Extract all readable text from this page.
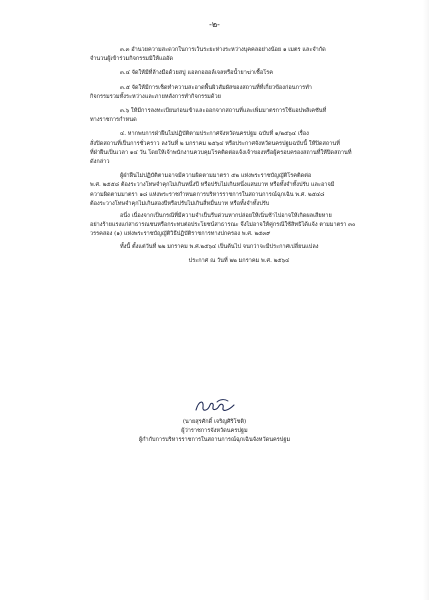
-๒-

๓.๓ อำนวยความสะดวกในการเว้นระยะห่างระหว่างบุคคลอย่างน้อย ๑ เมตร และจำกัด
จำนวนผู้เข้าร่วมกิจกรรมมิให้แออัด

๓.๔ จัดให้มีที่ล้างมือด้วยสบู่ แอลกอฮอล์เจลหรือน้ำยาฆ่าเชื้อโรค

๓.๕ จัดให้มีการเช็ดทำความสะอาดพื้นผิวสัมผัสของสถานที่ที่เกี่ยวข้องก่อนการทำ
กิจกรรมรวมทั้งระหว่างและภายหลังการทำกิจกรรมด้วย

๓.๖ ให้มีการลงทะเบียนก่อนเข้าและออกจากสถานที่และเพิ่มมาตรการใช้แอปพลิเคชันที่
ทางราชการกำหนด

๔. หากพบการฝ่าฝืนไม่ปฏิบัติตามประกาศจังหวัดนครปฐม ฉบับที่ ๑/๒๕๖๔ เรื่อง
สั่งปิดสถานที่เป็นการชั่วคราว ลงวันที่ ๒ มกราคม ๒๕๖๔ หรือประกาศจังหวัดนครปฐมฉบับนี้ ให้ปิดสถานที่
ที่ฝ่าฝืนเป็นเวลา ๑๔ วัน โดยให้เจ้าพนักงานควบคุมโรคติดต่อแจ้งเจ้าของหรือผู้ครอบครองสถานที่ให้ปิดสถานที่
ดังกล่าว

ผู้ฝ่าฝืนไม่ปฏิบัติตามอาจมีความผิดตามมาตรา ๕๒ แห่งพระราชบัญญัติโรคติดต่อ
พ.ศ. ๒๕๕๘ ต้องระวางโทษจำคุกไม่เกินหนึ่งปี หรือปรับไม่เกินหนึ่งแสนบาท หรือทั้งจำทั้งปรับ และอาจมี
ความผิดตามมาตรา ๑๘ แห่งพระราชกำหนดการบริหารราชการในสถานการณ์ฉุกเฉิน พ.ศ. ๒๕๔๘
ต้องระวางโทษจำคุกไม่เกินสองปีหรือปรับไม่เกินสี่หมื่นบาท หรือทั้งจำทั้งปรับ

อนึ่ง เนื่องจากเป็นกรณีที่มีความจำเป็นรีบด่วนหากปล่อยให้เนิ่นช้าไปอาจให้เกิดผลเสียหาย
อย่างร้ายแรงแก่สาธารณชนหรือกระทบต่อประโยชน์สาธารณะ จึงไม่อาจให้คู่กรณีใช้สิทธิได้แจ้ง ตามมาตรา ๓๐
วรรคสอง (๑) แห่งพระราชบัญญัติวิธีปฏิบัติราชการทางปกครอง พ.ศ. ๒๕๓๙

ทั้งนี้ ตั้งแต่วันที่ ๒๒ มกราคม พ.ศ.๒๕๖๔ เป็นต้นไป จนกว่าจะมีประกาศเปลี่ยนแปลง

ประกาศ ณ วันที่ ๒๒ มกราคม พ.ศ. ๒๕๖๔

(นายสุรศักดิ์ เจริญศิริโชติ)
ผู้ว่าราชการจังหวัดนครปฐม
ผู้กำกับการบริหารราชการในสถานการณ์ฉุกเฉินจังหวัดนครปฐม
